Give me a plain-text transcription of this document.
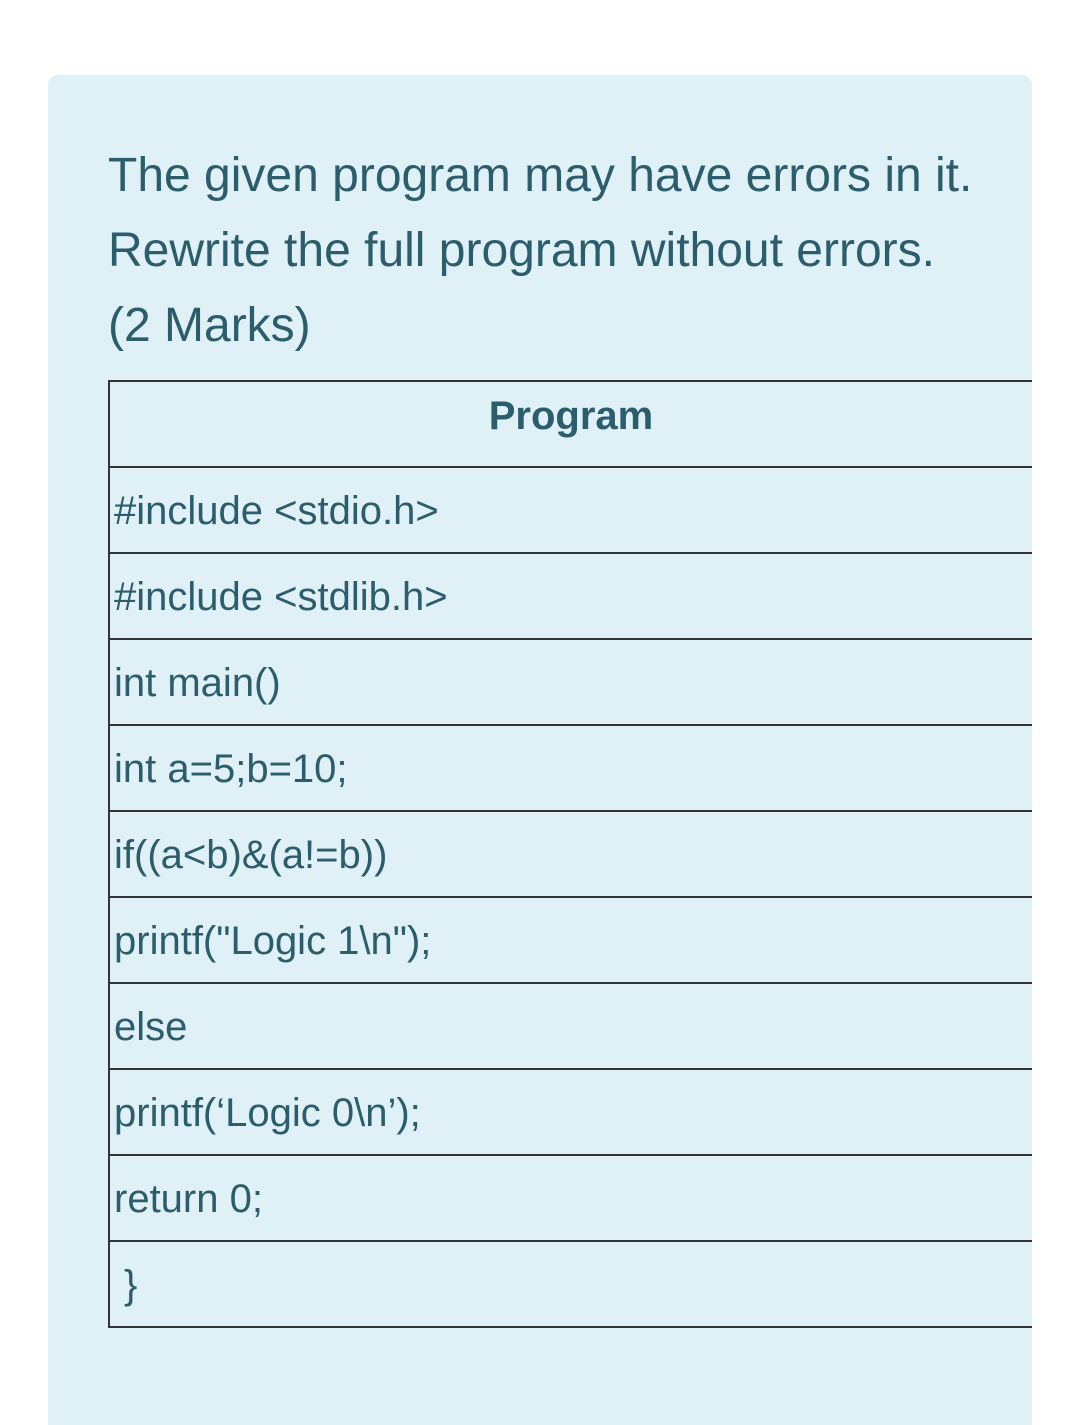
The given program may have errors in it. Rewrite the full program without errors. (2 Marks)

Program
#include <stdio.h>
#include <stdlib.h>
int main()
int a=5;b=10;
if((a<b)&(a!=b))
printf("Logic 1\n");
else
printf(‘Logic 0\n’);
return 0;
}
